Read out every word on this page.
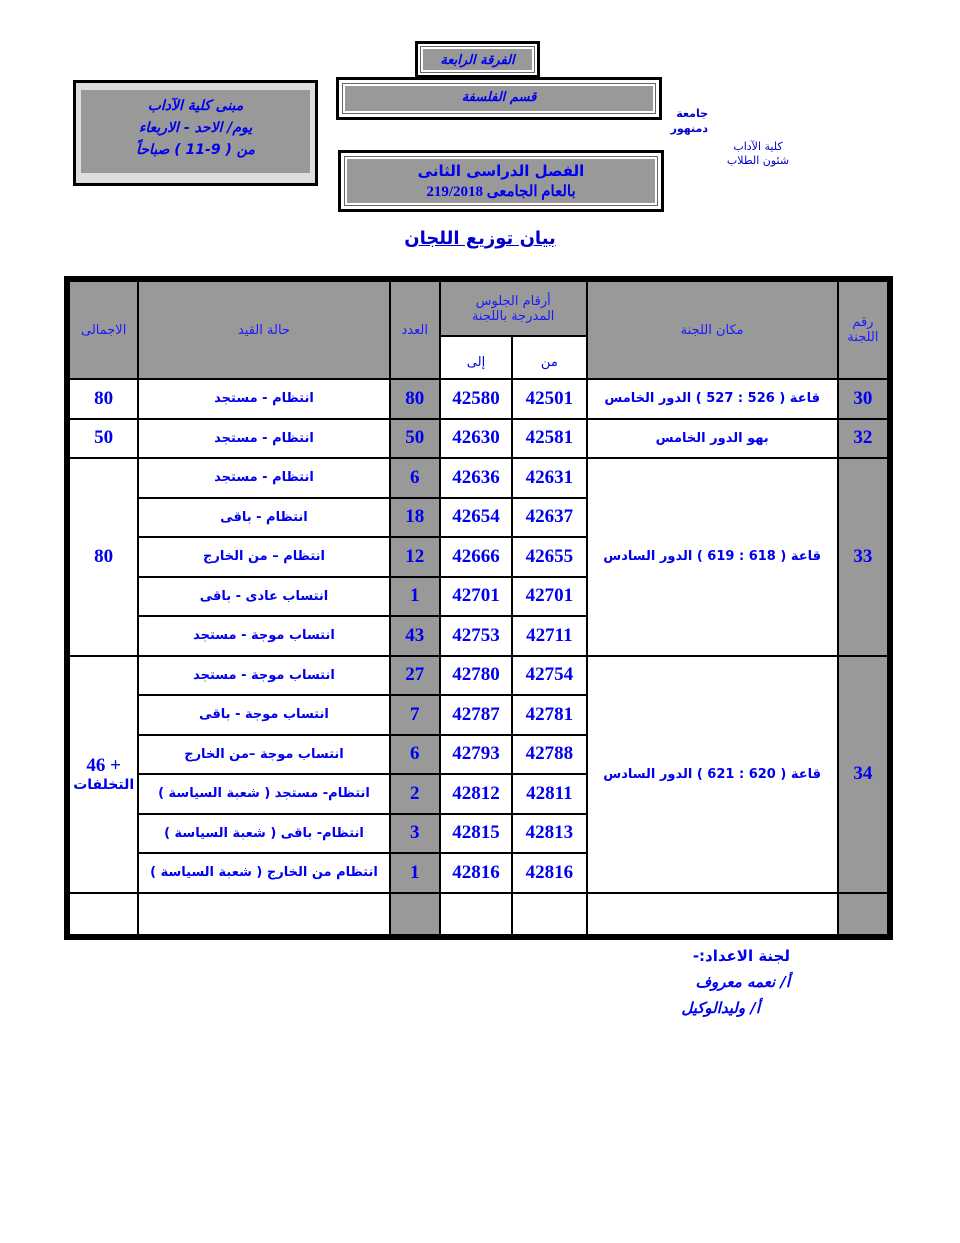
الفرقة الرابعة
قسم الفلسفة
الفصل الدراسى الثانى
بالعام الجامعى 219/2018
مبنى كلية الآداب
يوم/ الاحد - الاربعاء
من ( 9-11 ) صباحاً
جامعة
دمنهور
كلية الآداب
شئون الطلاب
بيان توزيع اللجان
رقم اللجنة	مكان اللجنة	أرقام الجلوس المدرجة باللجنة		العدد	حالة القيد	الاجمالى
		من	إلى			
30	قاعة ( 526 : 527 ) الدور الخامس	42501	42580	80	انتظام - مستجد	80
32	بهو الدور الخامس	42581	42630	50	انتظام - مستجد	50
33	قاعة ( 618 : 619 ) الدور السادس	42631	42636	6	انتظام - مستجد	80
		42637	42654	18	انتظام - باقى	
		42655	42666	12	انتظام – من الخارج	
		42701	42701	1	انتساب عادى - باقى	
		42711	42753	43	انتساب موجة - مستجد	
34	قاعة ( 620 : 621 ) الدور السادس	42754	42780	27	انتساب موجة - مستجد	46 +
التخلفات

		42781	42787	7	انتساب موجة - باقى	
		42788	42793	6	انتساب موجة –من الخارج	
		42811	42812	2	انتظام- مستجد ( شعبة السياسة )	
		42813	42815	3	انتظام- باقى ( شعبة السياسة )	
		42816	42816	1	انتظام من الخارج ( شعبة السياسة )	

لجنة الاعداد:-
أ/ نعمه معروف
أ/ وليدالوكيل
